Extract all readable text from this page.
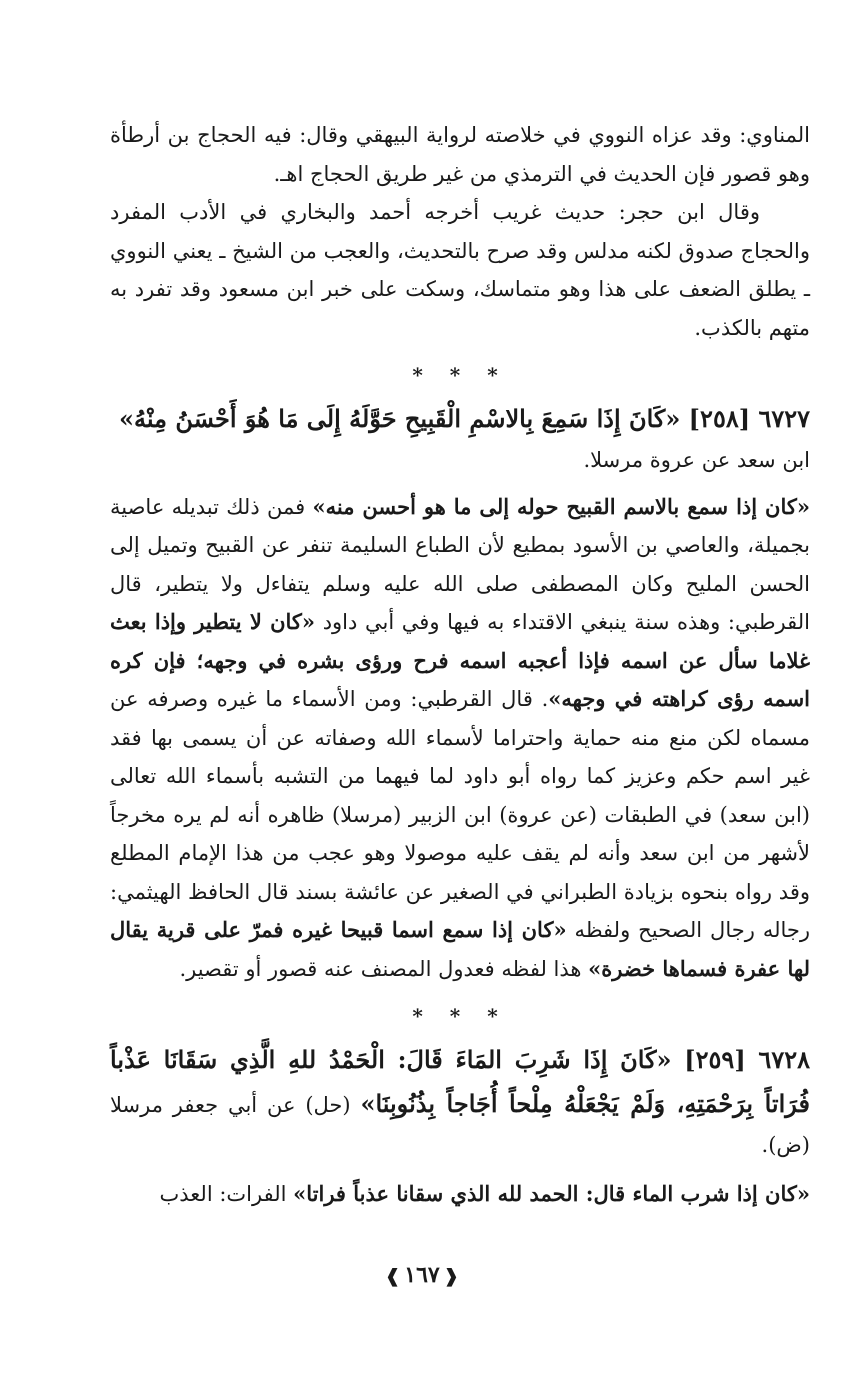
المناوي: وقد عزاه النووي في خلاصته لرواية البيهقي وقال: فيه الحجاج بن أرطأة وهو قصور فإن الحديث في الترمذي من غير طريق الحجاج اهـ.

وقال ابن حجر: حديث غريب أخرجه أحمد والبخاري في الأدب المفرد والحجاج صدوق لكنه مدلس وقد صرح بالتحديث، والعجب من الشيخ ـ يعني النووي ـ يطلق الضعف على هذا وهو متماسك، وسكت على خبر ابن مسعود وقد تفرد به متهم بالكذب.

* * *

٦٧٢٧ [٢٥٨] «كَانَ إِذَا سَمِعَ بِالاسْمِ الْقَبِيحِ حَوَّلَهُ إِلَى مَا هُوَ أَحْسَنُ مِنْهُ»

ابن سعد عن عروة مرسلا.

«كان إذا سمع بالاسم القبيح حوله إلى ما هو أحسن منه» فمن ذلك تبديله عاصية بجميلة، والعاصي بن الأسود بمطيع لأن الطباع السليمة تنفر عن القبيح وتميل إلى الحسن المليح وكان المصطفى صلى الله عليه وسلم يتفاءل ولا يتطير، قال القرطبي: وهذه سنة ينبغي الاقتداء به فيها وفي أبي داود «كان لا يتطير وإذا بعث غلاما سأل عن اسمه فإذا أعجبه اسمه فرح ورؤى بشره في وجهه؛ فإن كره اسمه رؤى كراهته في وجهه». قال القرطبي: ومن الأسماء ما غيره وصرفه عن مسماه لكن منع منه حماية واحتراما لأسماء الله وصفاته عن أن يسمى بها فقد غير اسم حكم وعزيز كما رواه أبو داود لما فيهما من التشبه بأسماء الله تعالى (ابن سعد) في الطبقات (عن عروة) ابن الزبير (مرسلا) ظاهره أنه لم يره مخرجاً لأشهر من ابن سعد وأنه لم يقف عليه موصولا وهو عجب من هذا الإمام المطلع وقد رواه بنحوه بزيادة الطبراني في الصغير عن عائشة بسند قال الحافظ الهيثمي: رجاله رجال الصحيح ولفظه «كان إذا سمع اسما قبيحا غيره فمرّ على قرية يقال لها عفرة فسماها خضرة» هذا لفظه فعدول المصنف عنه قصور أو تقصير.

* * *

٦٧٢٨ [٢٥٩] «كَانَ إِذَا شَرِبَ المَاءَ قَالَ: الْحَمْدُ للهِ الَّذِي سَقَانَا عَذْباً فُرَاتاً بِرَحْمَتِهِ، وَلَمْ يَجْعَلْهُ مِلْحاً أُجَاجاً بِذُنُوبِنَا» (حل) عن أبي جعفر مرسلا (ض).

«كان إذا شرب الماء قال: الحمد لله الذي سقانا عذباً فراتا» الفرات: العذب

❰١٦٧❱
